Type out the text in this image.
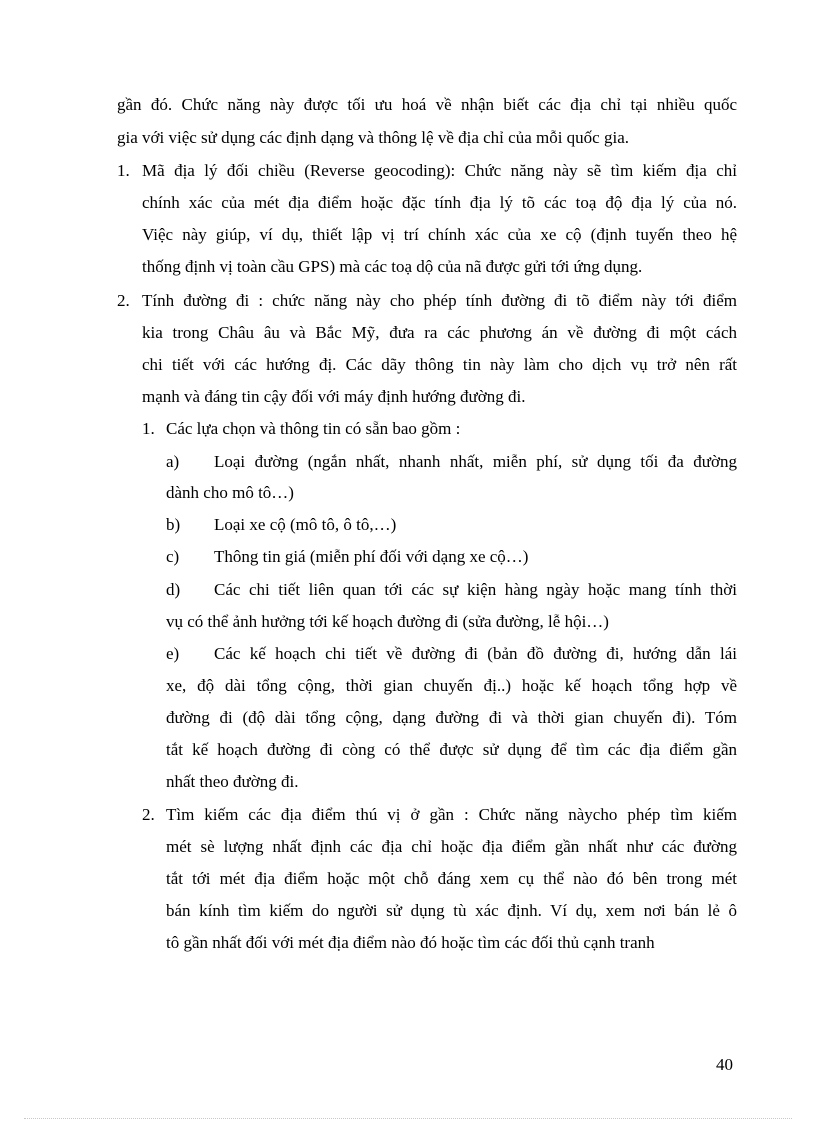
gần đó. Chức năng này được tối ưu hoá về nhận biết các địa chỉ tại nhiều quốc
gia với việc sử dụng các định dạng và thông lệ về địa chỉ của mỗi quốc gia.
1. Mã địa lý đối chiều (Reverse geocoding): Chức năng này sẽ tìm kiếm địa chỉ
chính xác của mét địa điểm hoặc đặc tính địa lý tõ các toạ độ địa lý của nó.
Việc này giúp, ví dụ, thiết lập vị trí chính xác của xe cộ (định tuyến theo hệ
thống định vị toàn cầu GPS) mà các toạ dộ của nã được gửi tới ứng dụng.
2. Tính đường đi : chức năng này cho phép tính đường đi tõ điểm này tới điểm
kia trong Châu âu và Bắc Mỹ, đưa ra các phương án về đường đi một cách
chi tiết với các hướng đị. Các dãy thông tin này làm cho dịch vụ trở nên rất
mạnh và đáng tin cậy đối với máy định hướng đường đi.
1. Các lựa chọn và thông tin có sẵn bao gồm :
a) Loại đường (ngắn nhất, nhanh nhất, miễn phí, sử dụng tối đa đường
dành cho mô tô…)
b) Loại xe cộ (mô tô, ô tô,…)
c) Thông tin giá (miễn phí đối với dạng xe cộ…)
d) Các chi tiết liên quan tới các sự kiện hàng ngày hoặc mang tính thời
vụ có thể ảnh hưởng tới kế hoạch đường đi (sửa đường, lễ hội…)
e) Các kế hoạch chi tiết về đường đi (bản đồ đường đi, hướng dẫn lái
xe, độ dài tổng cộng, thời gian chuyến đị..) hoặc kế hoạch tổng hợp về
đường đi (độ dài tổng cộng, dạng đường đi và thời gian chuyến đi). Tóm
tắt kế hoạch đường đi còng có thể được sử dụng để tìm các địa điểm gần
nhất theo đường đi.
2. Tìm kiếm các địa điểm thú vị ở gần : Chức năng nàycho phép tìm kiếm
mét sè lượng nhất định các địa chỉ hoặc địa điểm gần nhất như các đường
tắt tới mét địa điểm hoặc một chỗ đáng xem cụ thể nào đó bên trong mét
bán kính tìm kiếm do người sử dụng tù xác định. Ví dụ, xem nơi bán lẻ ô
tô gần nhất đối với mét địa điểm nào đó hoặc tìm các đối thủ cạnh tranh
40
